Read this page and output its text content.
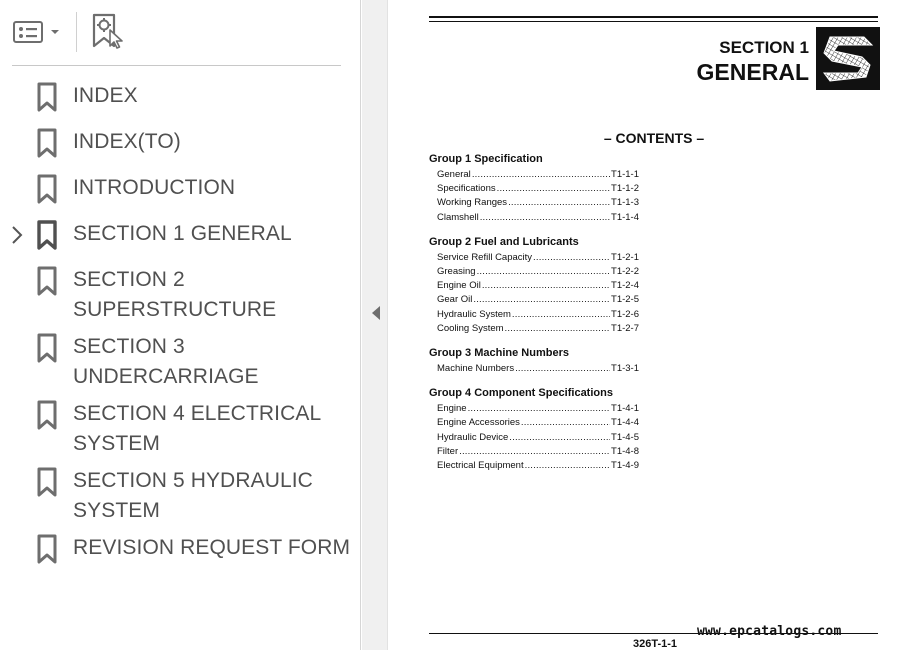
INDEX
INDEX(TO)
INTRODUCTION
SECTION 1 GENERAL
SECTION 2
SUPERSTRUCTURE
SECTION 3
UNDERCARRIAGE
SECTION 4 ELECTRICAL
SYSTEM
SECTION 5 HYDRAULIC
SYSTEM
REVISION REQUEST FORM
SECTION 1
GENERAL
– CONTENTS –
Group 1 Specification
General .....	T1-1-1
Specifications .....	T1-1-2
Working Ranges .....	T1-1-3
Clamshell .....	T1-1-4
Group 2 Fuel and Lubricants
Service Refill Capacity .....	T1-2-1
Greasing .....	T1-2-2
Engine Oil .....	T1-2-4
Gear Oil .....	T1-2-5
Hydraulic System .....	T1-2-6
Cooling System .....	T1-2-7
Group 3 Machine Numbers
Machine Numbers .....	T1-3-1
Group 4 Component Specifications
Engine .....	T1-4-1
Engine Accessories .....	T1-4-4
Hydraulic Device .....	T1-4-5
Filter .....	T1-4-8
Electrical Equipment .....	T1-4-9
www.epcatalogs.com
326T-1-1
